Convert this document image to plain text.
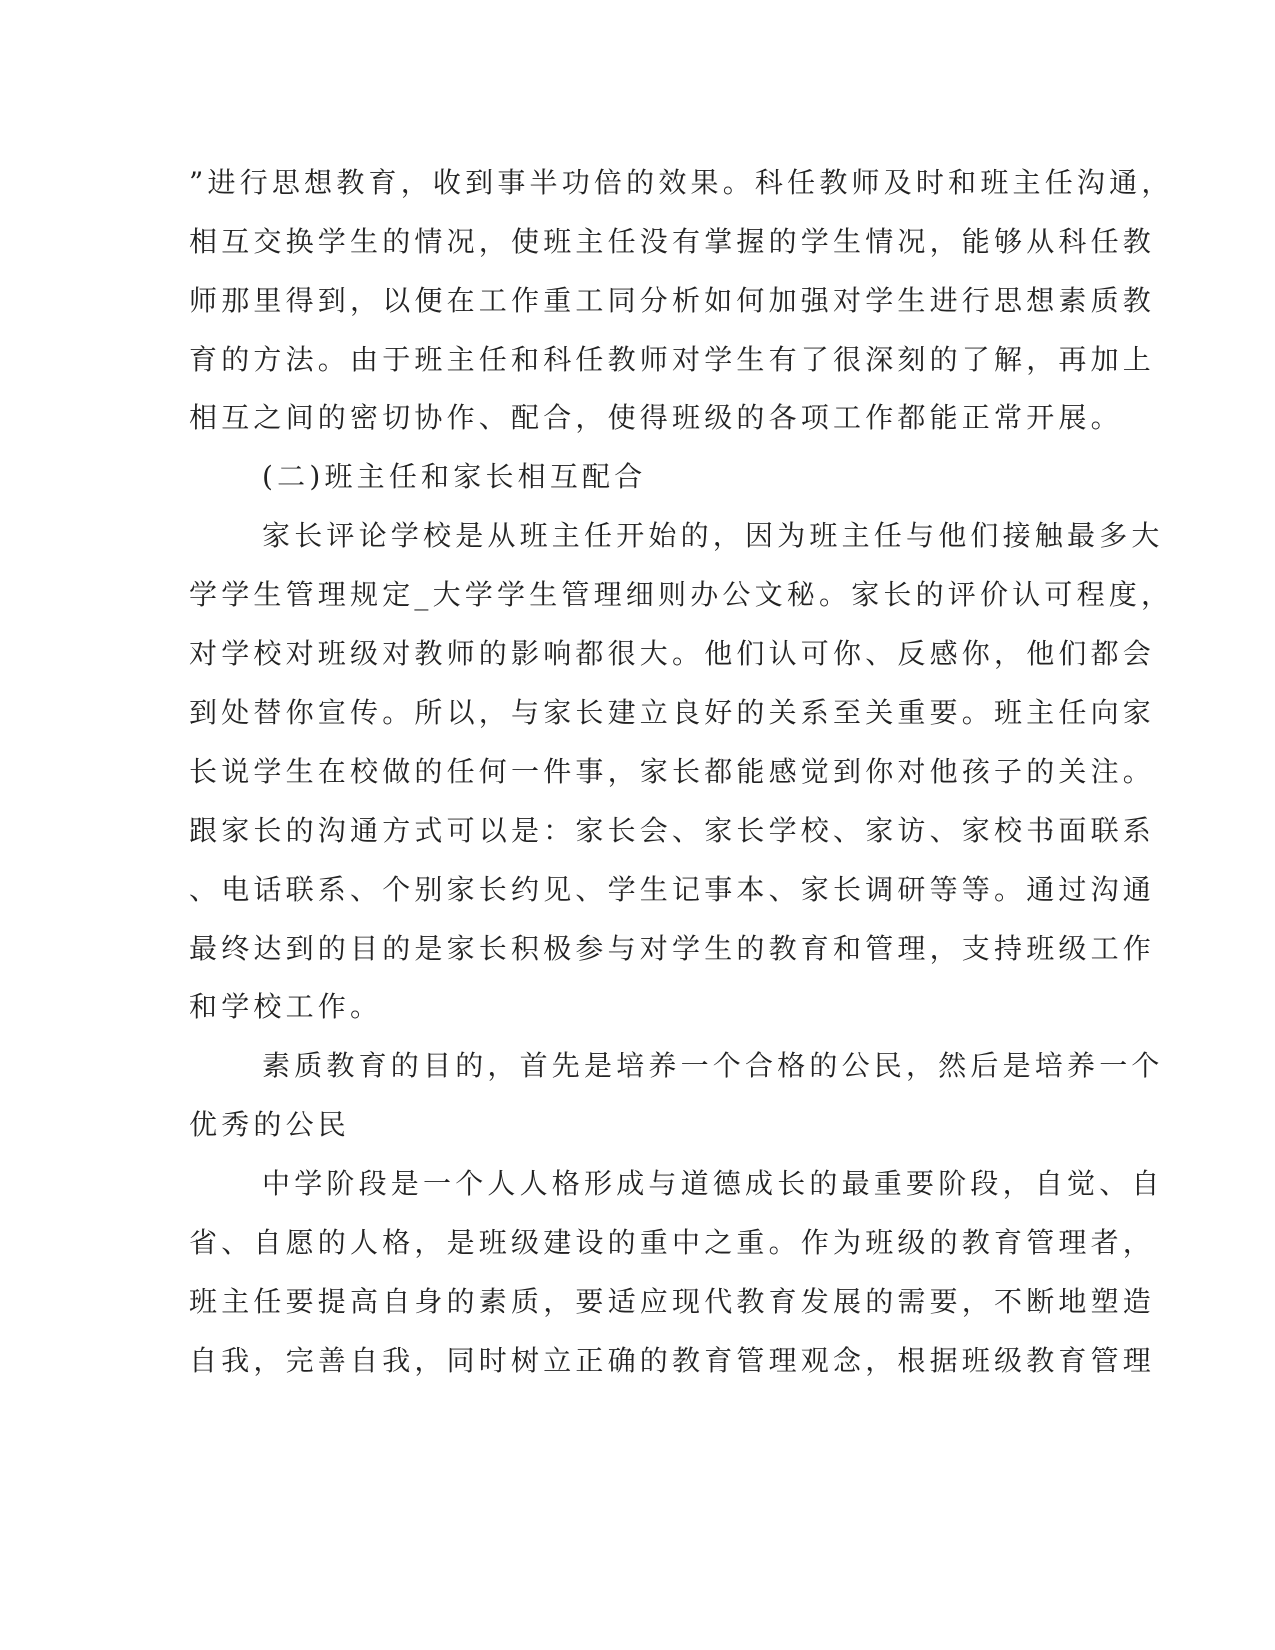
”进行思想教育，收到事半功倍的效果。科任教师及时和班主任沟通，
相互交换学生的情况，使班主任没有掌握的学生情况，能够从科任教
师那里得到，以便在工作重工同分析如何加强对学生进行思想素质教
育的方法。由于班主任和科任教师对学生有了很深刻的了解，再加上
相互之间的密切协作、配合，使得班级的各项工作都能正常开展。
(二)班主任和家长相互配合
家长评论学校是从班主任开始的，因为班主任与他们接触最多大
学学生管理规定_大学学生管理细则办公文秘。家长的评价认可程度，
对学校对班级对教师的影响都很大。他们认可你、反感你，他们都会
到处替你宣传。所以，与家长建立良好的关系至关重要。班主任向家
长说学生在校做的任何一件事，家长都能感觉到你对他孩子的关注。
跟家长的沟通方式可以是：家长会、家长学校、家访、家校书面联系
、电话联系、个别家长约见、学生记事本、家长调研等等。通过沟通
最终达到的目的是家长积极参与对学生的教育和管理，支持班级工作
和学校工作。
素质教育的目的，首先是培养一个合格的公民，然后是培养一个
优秀的公民
中学阶段是一个人人格形成与道德成长的最重要阶段，自觉、自
省、自愿的人格，是班级建设的重中之重。作为班级的教育管理者，
班主任要提高自身的素质，要适应现代教育发展的需要，不断地塑造
自我，完善自我，同时树立正确的教育管理观念，根据班级教育管理
